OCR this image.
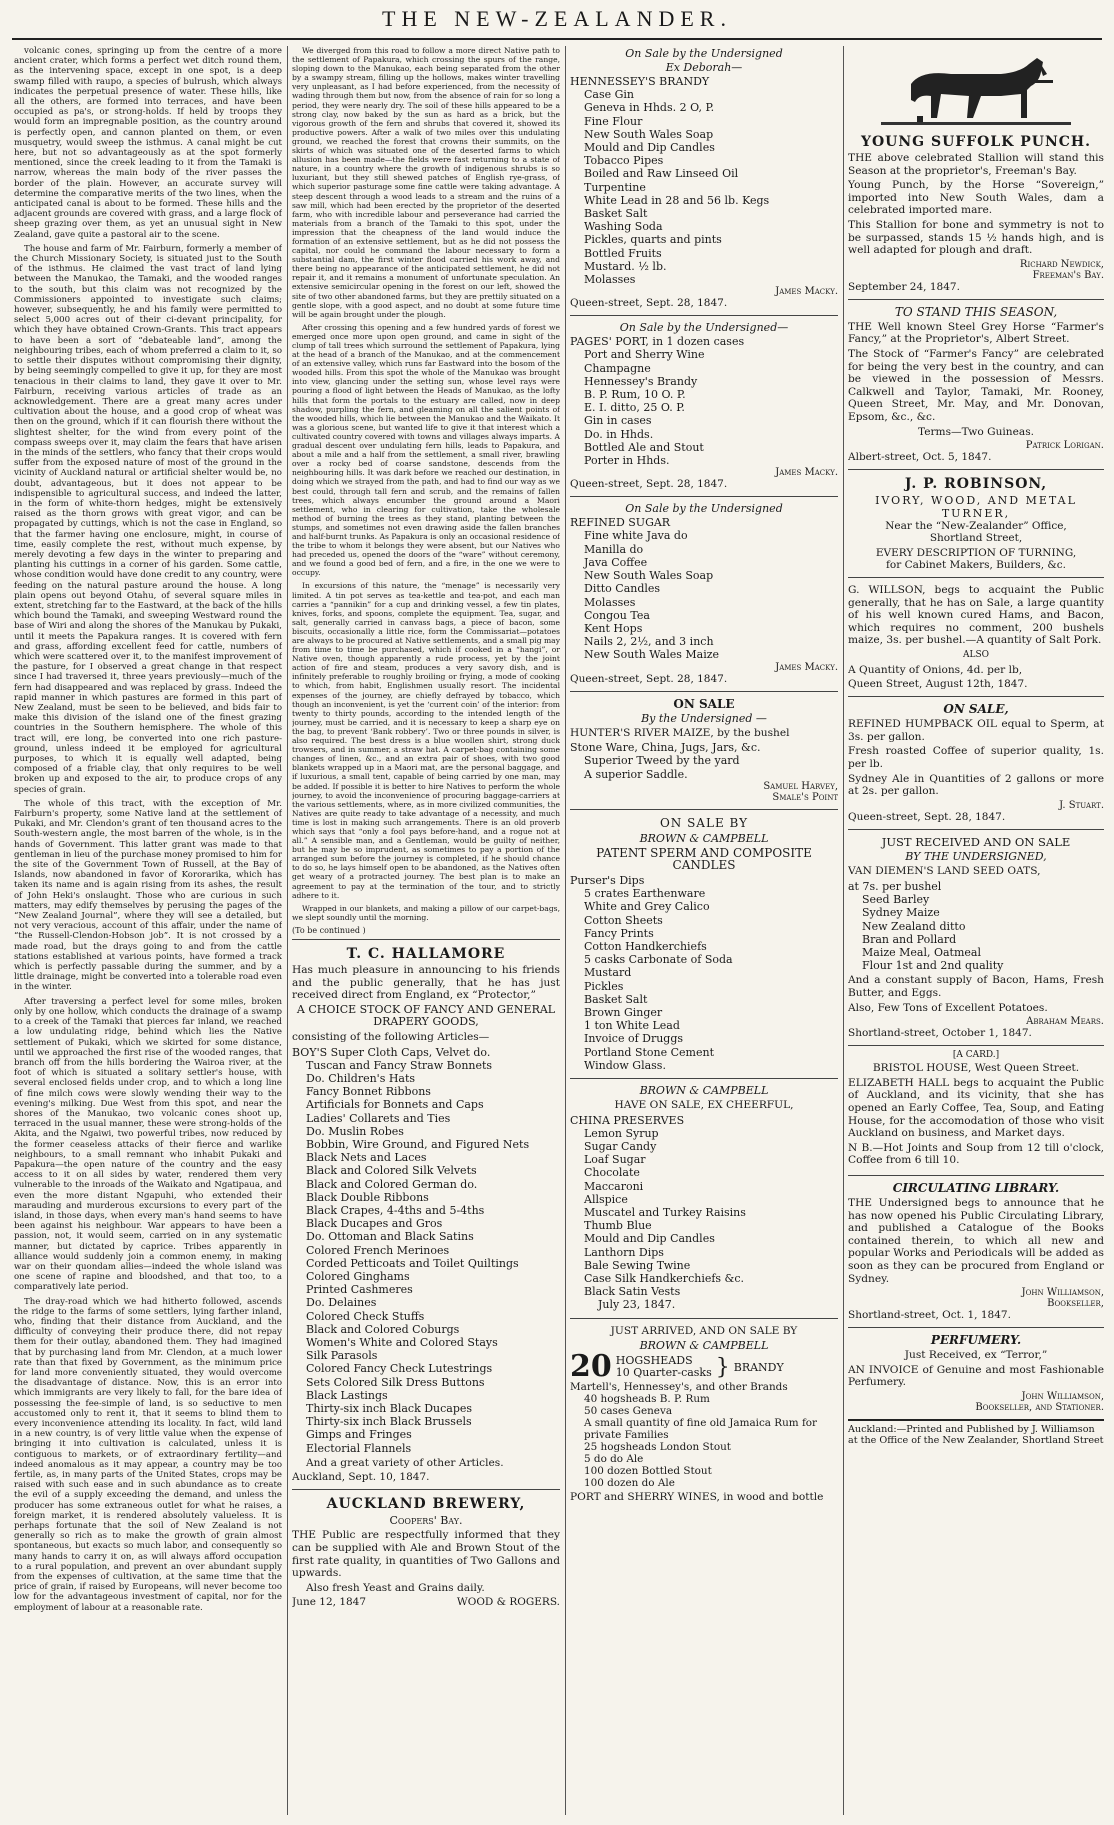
THE NEW-ZEALANDER.

volcanic cones, springing up from the centre of a more ancient crater, which forms a perfect wet ditch round them, as the intervening space, except in one spot, is a deep swamp filled with raupo, a species of bulrush, which always indicates the perpetual presence of water. These hills, like all the others, are formed into terraces, and have been occupied as pa's, or strong-holds. If held by troops they would form an impregnable position, as the country around is perfectly open, and cannon planted on them, or even musquetry, would sweep the isthmus. A canal might be cut here, but not so advantageously as at the spot formerly mentioned, since the creek leading to it from the Tamaki is narrow, whereas the main body of the river passes the border of the plain. However, an accurate survey will determine the comparative merits of the two lines, when the anticipated canal is about to be formed. These hills and the adjacent grounds are covered with grass, and a large flock of sheep grazing over them, as yet an unusual sight in New Zealand, gave quite a pastoral air to the scene.

The house and farm of Mr. Fairburn, formerly a member of the Church Missionary Society, is situated just to the South of the isthmus. He claimed the vast tract of land lying between the Manukao, the Tamaki, and the wooded ranges to the south, but this claim was not recognized by the Commissioners appointed to investigate such claims; however, subsequently, he and his family were permitted to select 5,000 acres out of their ci-devant principality, for which they have obtained Crown-Grants. This tract appears to have been a sort of “debateable land”, among the neighbouring tribes, each of whom preferred a claim to it, so to settle their disputes without compromising their dignity, by being seemingly compelled to give it up, for they are most tenacious in their claims to land, they gave it over to Mr. Fairburn, receiving various articles of trade as an acknowledgement. There are a great many acres under cultivation about the house, and a good crop of wheat was then on the ground, which if it can flourish there without the slightest shelter, for the wind from every point of the compass sweeps over it, may claim the fears that have arisen in the minds of the settlers, who fancy that their crops would suffer from the exposed nature of most of the ground in the vicinity of Auckland natural or artificial shelter would be, no doubt, advantageous, but it does not appear to be indispensible to agricultural success, and indeed the latter, in the form of white-thorn hedges, might be extensively raised as the thorn grows with great vigor, and can be propagated by cuttings, which is not the case in England, so that the farmer having one enclosure, might, in course of time, easily complete the rest, without much expense, by merely devoting a few days in the winter to preparing and planting his cuttings in a corner of his garden. Some cattle, whose condition would have done credit to any country, were feeding on the natural pasture around the house. A long plain opens out beyond Otahu, of several square miles in extent, stretching far to the Eastward, at the back of the hills which bound the Tamaki, and sweeping Westward round the base of Wiri and along the shores of the Manukau by Pukaki, until it meets the Papakura ranges. It is covered with fern and grass, affording excellent feed for cattle, numbers of which were scattered over it, to the manifest improvement of the pasture, for I observed a great change in that respect since I had traversed it, three years previously—much of the fern had disappeared and was replaced by grass. Indeed the rapid manner in which pastures are formed in this part of New Zealand, must be seen to be believed, and bids fair to make this division of the island one of the finest grazing countries in the Southern hemisphere. The whole of this tract will, ere long, be converted into one rich pasture-ground, unless indeed it be employed for agricultural purposes, to which it is equally well adapted, being composed of a friable clay, that only requires to be well broken up and exposed to the air, to produce crops of any species of grain.

The whole of this tract, with the exception of Mr. Fairburn's property, some Native land at the settlement of Pukaki, and Mr. Clendon's grant of ten thousand acres to the South-western angle, the most barren of the whole, is in the hands of Government. This latter grant was made to that gentleman in lieu of the purchase money promised to him for the site of the Government Town of Russell, at the Bay of Islands, now abandoned in favor of Kororarika, which has taken its name and is again rising from its ashes, the result of John Heki's onslaught. Those who are curious in such matters, may edify themselves by perusing the pages of the “New Zealand Journal”, where they will see a detailed, but not very veracious, account of this affair, under the name of “the Russell-Clendon-Hobson job”. It is not crossed by a made road, but the drays going to and from the cattle stations established at various points, have formed a track which is perfectly passable during the summer, and by a little drainage, might be converted into a tolerable road even in the winter.

After traversing a perfect level for some miles, broken only by one hollow, which conducts the drainage of a swamp to a creek of the Tamaki that pierces far inland, we reached a low undulating ridge, behind which lies the Native settlement of Pukaki, which we skirted for some distance, until we approached the first rise of the wooded ranges, that branch off from the hills bordering the Wairoa river, at the foot of which is situated a solitary settler's house, with several enclosed fields under crop, and to which a long line of fine milch cows were slowly wending their way to the evening's milking. Due West from this spot, and near the shores of the Manukao, two volcanic cones shoot up, terraced in the usual manner, these were strong-holds of the Akita, and the Ngaiwi, two powerful tribes, now reduced by the former ceaseless attacks of their fierce and warlike neighbours, to a small remnant who inhabit Pukaki and Papakura—the open nature of the country and the easy access to it on all sides by water, rendered them very vulnerable to the inroads of the Waikato and Ngatipaua, and even the more distant Ngapuhi, who extended their marauding and murderous excursions to every part of the island, in those days, when every man's hand seems to have been against his neighbour. War appears to have been a passion, not, it would seem, carried on in any systematic manner, but dictated by caprice. Tribes apparently in alliance would suddenly join a common enemy, in making war on their quondam allies—indeed the whole island was one scene of rapine and bloodshed, and that too, to a comparatively late period.

The dray-road which we had hitherto followed, ascends the ridge to the farms of some settlers, lying farther inland, who, finding that their distance from Auckland, and the difficulty of conveying their produce there, did not repay them for their outlay, abandoned them. They had imagined that by purchasing land from Mr. Clendon, at a much lower rate than that fixed by Government, as the minimum price for land more conveniently situated, they would overcome the disadvantage of distance. Now, this is an error into which immigrants are very likely to fall, for the bare idea of possessing the fee-simple of land, is so seductive to men accustomed only to rent it, that it seems to blind them to every inconvenience attending its locality. In fact, wild land in a new country, is of very little value when the expense of bringing it into cultivation is calculated, unless it is contiguous to markets, or of extraordinary fertility—and indeed anomalous as it may appear, a country may be too fertile, as, in many parts of the United States, crops may be raised with such ease and in such abundance as to create the evil of a supply exceeding the demand, and unless the producer has some extraneous outlet for what he raises, a foreign market, it is rendered absolutely valueless. It is perhaps fortunate that the soil of New Zealand is not generally so rich as to make the growth of grain almost spontaneous, but exacts so much labor, and consequently so many hands to carry it on, as will always afford occupation to a rural population, and prevent an over abundant supply from the expenses of cultivation, at the same time that the price of grain, if raised by Europeans, will never become too low for the advantageous investment of capital, nor for the employment of labour at a reasonable rate.

We diverged from this road to follow a more direct Native path to the settlement of Papakura, which crossing the spurs of the range, sloping down to the Manukao, each being separated from the other by a swampy stream, filling up the hollows, makes winter travelling very unpleasant, as I had before experienced, from the necessity of wading through them but now, from the absence of rain for so long a period, they were nearly dry. The soil of these hills appeared to be a strong clay, now baked by the sun as hard as a brick, but the vigorous growth of the fern and shrubs that covered it, showed its productive powers. After a walk of two miles over this undulating ground, we reached the forest that crowns their summits, on the skirts of which was situated one of the deserted farms to which allusion has been made—the fields were fast returning to a state of nature, in a country where the growth of indigenous shrubs is so luxuriant, but they still shewed patches of English rye-grass, of which superior pasturage some fine cattle were taking advantage. A steep descent through a wood leads to a stream and the ruins of a saw mill, which had been erected by the proprietor of the deserted farm, who with incredible labour and perseverance had carried the materials from a branch of the Tamaki to this spot, under the impression that the cheapness of the land would induce the formation of an extensive settlement, but as he did not possess the capital, nor could he command the labour necessary to form a substantial dam, the first winter flood carried his work away, and there being no appearance of the anticipated settlement, he did not repair it, and it remains a monument of unfortunate speculation. An extensive semicircular opening in the forest on our left, showed the site of two other abandoned farms, but they are prettily situated on a gentle slope, with a good aspect, and no doubt at some future time will be again brought under the plough.

After crossing this opening and a few hundred yards of forest we emerged once more upon open ground, and came in sight of the clump of tall trees which surround the settlement of Papakura, lying at the head of a branch of the Manukao, and at the commencement of an extensive valley, which runs far Eastward into the bosom of the wooded hills. From this spot the whole of the Manukao was brought into view, glancing under the setting sun, whose level rays were pouring a flood of light between the Heads of Manukao, as the lofty hills that form the portals to the estuary are called, now in deep shadow, purpling the fern, and gleaming on all the salient points of the wooded hills, which lie between the Manukao and the Waikato. It was a glorious scene, but wanted life to give it that interest which a cultivated country covered with towns and villages always imparts. A gradual descent over undulating fern hills, leads to Papakura, and about a mile and a half from the settlement, a small river, brawling over a rocky bed of coarse sandstone, descends from the neighbouring hills. It was dark before we reached our destination, in doing which we strayed from the path, and had to find our way as we best could, through tall fern and scrub, and the remains of fallen trees, which always encumber the ground around a Maori settlement, who in clearing for cultivation, take the wholesale method of burning the trees as they stand, planting between the stumps, and sometimes not even drawing aside the fallen branches and half-burnt trunks. As Papakura is only an occasional residence of the tribe to whom it belongs they were absent, but our Natives who had preceded us, opened the doors of the “ware” without ceremony, and we found a good bed of fern, and a fire, in the one we were to occupy.

In excursions of this nature, the “menage” is necessarily very limited. A tin pot serves as tea-kettle and tea-pot, and each man carries a “pannikin” for a cup and drinking vessel, a few tin plates, knives, forks, and spoons, complete the equipment. Tea, sugar, and salt, generally carried in canvass bags, a piece of bacon, some biscuits, occasionally a little rice, form the Commissariat—potatoes are always to be procured at Native settlements, and a small pig may from time to time be purchased, which if cooked in a “hangi”, or Native oven, though apparently a rude process, yet by the joint action of fire and steam, produces a very savory dish, and is infinitely preferable to roughly broiling or frying, a mode of cooking to which, from habit, Englishmen usually resort. The incidental expenses of the journey, are chiefly defrayed by tobacco, which though an inconvenient, is yet the ‘current coin’ of the interior: from twenty to thirty pounds, according to the intended length of the journey, must be carried, and it is necessary to keep a sharp eye on the bag, to prevent ‘Bank robbery’. Two or three pounds in silver, is also required. The best dress is a blue woollen shirt, strong duck trowsers, and in summer, a straw hat. A carpet-bag containing some changes of linen, &c., and an extra pair of shoes, with two good blankets wrapped up in a Maori mat, are the personal baggage, and if luxurious, a small tent, capable of being carried by one man, may be added. If possible it is better to hire Natives to perform the whole journey, to avoid the inconvenience of procuring baggage-carriers at the various settlements, where, as in more civilized communities, the Natives are quite ready to take advantage of a necessity, and much time is lost in making such arrangements. There is an old proverb which says that “only a fool pays before-hand, and a rogue not at all.” A sensible man, and a Gentleman, would be guilty of neither, but he may be so imprudent, as sometimes to pay a portion of the arranged sum before the journey is completed, if he should chance to do so, he lays himself open to be abandoned, as the Natives often get weary of a protracted journey. The best plan is to make an agreement to pay at the termination of the tour, and to strictly adhere to it.

Wrapped in our blankets, and making a pillow of our carpet-bags, we slept soundly until the morning.

(To be continued )

T. C. HALLAMORE
Has much pleasure in announcing to his friends and the public generally, that he has just received direct from England, ex “Protector,”
A CHOICE STOCK OF FANCY AND GENERAL DRAPERY GOODS,
consisting of the following Articles—
BOY'S Super Cloth Caps, Velvet do.
Tuscan and Fancy Straw Bonnets
Do. Children's Hats
Fancy Bonnet Ribbons
Artificials for Bonnets and Caps
Ladies' Collarets and Ties
Do. Muslin Robes
Bobbin, Wire Ground, and Figured Nets
Black Nets and Laces
Black and Colored Silk Velvets
Black and Colored German do.
Black Double Ribbons
Black Crapes, 4-4ths and 5-4ths
Black Ducapes and Gros
Do. Ottoman and Black Satins
Colored French Merinoes
Corded Petticoats and Toilet Quiltings
Colored Ginghams
Printed Cashmeres
Do. Delaines
Colored Check Stuffs
Black and Colored Coburgs
Women's White and Colored Stays
Silk Parasols
Colored Fancy Check Lutestrings
Sets Colored Silk Dress Buttons
Black Lastings
Thirty-six inch Black Ducapes
Thirty-six inch Black Brussels
Gimps and Fringes
Electorial Flannels
And a great variety of other Articles.
Auckland, Sept. 10, 1847.
AUCKLAND BREWERY,
Coopers' Bay.
THE Public are respectfully informed that they can be supplied with Ale and Brown Stout of the first rate quality, in quantities of Two Gallons and upwards.
Also fresh Yeast and Grains daily.
June 12, 1847	WOOD & ROGERS.
On Sale by the Undersigned
Ex Deborah—
HENNESSEY'S BRANDY
Case Gin
Geneva in Hhds. 2 O, P.
Fine Flour
New South Wales Soap
Mould and Dip Candles
Tobacco Pipes
Boiled and Raw Linseed Oil
Turpentine
White Lead in 28 and 56 lb. Kegs
Basket Salt
Washing Soda
Pickles, quarts and pints
Bottled Fruits
Mustard. ½ lb.
Molasses
James Macky.
Queen-street, Sept. 28, 1847.
On Sale by the Undersigned—
PAGES' PORT, in 1 dozen cases
Port and Sherry Wine
Champagne
Hennessey's Brandy
B. P. Rum, 10 O. P.
E. I. ditto, 25 O. P.
Gin in cases
Do. in Hhds.
Bottled Ale and Stout
Porter in Hhds.
James Macky.
Queen-street, Sept. 28, 1847.
On Sale by the Undersigned
REFINED SUGAR
Fine white Java do
Manilla do
Java Coffee
New South Wales Soap
Ditto Candles
Molasses
Congou Tea
Kent Hops
Nails 2, 2½, and 3 inch
New South Wales Maize
James Macky.
Queen-street, Sept. 28, 1847.
ON SALE
By the Undersigned —
HUNTER'S RIVER MAIZE, by the bushel
Stone Ware, China, Jugs, Jars, &c.
Superior Tweed by the yard
A superior Saddle.
Samuel Harvey,
Smale's Point
ON SALE BY
BROWN & CAMPBELL
PATENT SPERM AND COMPOSITE CANDLES
Purser's Dips
5 crates Earthenware
White and Grey Calico
Cotton Sheets
Fancy Prints
Cotton Handkerchiefs
5 casks Carbonate of Soda
Mustard
Pickles
Basket Salt
Brown Ginger
1 ton White Lead
Invoice of Druggs
Portland Stone Cement
Window Glass.
BROWN & CAMPBELL
HAVE ON SALE, EX CHEERFUL,
CHINA PRESERVES
Lemon Syrup
Sugar Candy
Loaf Sugar
Chocolate
Maccaroni
Allspice
Muscatel and Turkey Raisins
Thumb Blue
Mould and Dip Candles
Lanthorn Dips
Bale Sewing Twine
Case Silk Handkerchiefs &c.
Black Satin Vests
July 23, 1847.
JUST ARRIVED, AND ON SALE BY
BROWN & CAMPBELL
20 HOGSHEADS
10 Quarter-casks } BRANDY
Martell's, Hennessey's, and other Brands
40 hogsheads B. P. Rum
50 cases Geneva
A small quantity of fine old Jamaica Rum for private Families
25 hogsheads London Stout
5 do do Ale
100 dozen Bottled Stout
100 dozen do Ale
PORT and SHERRY WINES, in wood and bottle
YOUNG SUFFOLK PUNCH.
THE above celebrated Stallion will stand this Season at the proprietor's, Freeman's Bay.
Young Punch, by the Horse “Sovereign,” imported into New South Wales, dam a celebrated imported mare.
This Stallion for bone and symmetry is not to be surpassed, stands 15 ½ hands high, and is well adapted for plough and draft.
Richard Newdick,
Freeman's Bay.
September 24, 1847.
TO STAND THIS SEASON,
THE Well known Steel Grey Horse “Farmer's Fancy,” at the Proprietor's, Albert Street.
The Stock of “Farmer's Fancy” are celebrated for being the very best in the country, and can be viewed in the possession of Messrs. Calkwell and Taylor, Tamaki, Mr. Rooney, Queen Street, Mr. May, and Mr. Donovan, Epsom, &c., &c.
Terms—Two Guineas.
Patrick Lorigan.
Albert-street, Oct. 5, 1847.
J. P. ROBINSON,
IVORY, WOOD, AND METAL
TURNER,
Near the “New-Zealander” Office,
Shortland Street,
EVERY DESCRIPTION OF TURNING,
for Cabinet Makers, Builders, &c.
G. WILLSON, begs to acquaint the Public generally, that he has on Sale, a large quantity of his well known cured Hams, and Bacon, which requires no comment, 200 bushels maize, 3s. per bushel.—A quantity of Salt Pork.
ALSO
A Quantity of Onions, 4d. per lb,
Queen Street, August 12th, 1847.
ON SALE,
REFINED HUMPBACK OIL equal to Sperm, at 3s. per gallon.
Fresh roasted Coffee of superior quality, 1s. per lb.
Sydney Ale in Quantities of 2 gallons or more at 2s. per gallon.
J. Stuart.
Queen-street, Sept. 28, 1847.
JUST RECEIVED AND ON SALE
BY THE UNDERSIGNED,
VAN DIEMEN'S LAND SEED OATS,
at 7s. per bushel
Seed Barley
Sydney Maize
New Zealand ditto
Bran and Pollard
Maize Meal, Oatmeal
Flour 1st and 2nd quality
And a constant supply of Bacon, Hams, Fresh Butter, and Eggs.
Also, Few Tons of Excellent Potatoes.
Abraham Mears.
Shortland-street, October 1, 1847.
[A CARD.]
BRISTOL HOUSE, West Queen Street.
ELIZABETH HALL begs to acquaint the Public of Auckland, and its vicinity, that she has opened an Early Coffee, Tea, Soup, and Eating House, for the accomodation of those who visit Auckland on business, and Market days.
N B.—Hot Joints and Soup from 12 till o'clock, Coffee from 6 till 10.
CIRCULATING LIBRARY.
THE Undersigned begs to announce that he has now opened his Public Circulating Library, and published a Catalogue of the Books contained therein, to which all new and popular Works and Periodicals will be added as soon as they can be procured from England or Sydney.
John Williamson,
Bookseller,
Shortland-street, Oct. 1, 1847.
PERFUMERY.
Just Received, ex “Terror,”
AN INVOICE of Genuine and most Fashionable Perfumery.
John Williamson,
Bookseller, and Stationer.
Auckland:—Printed and Published by J. Williamson at the Office of the New Zealander, Shortland Street
